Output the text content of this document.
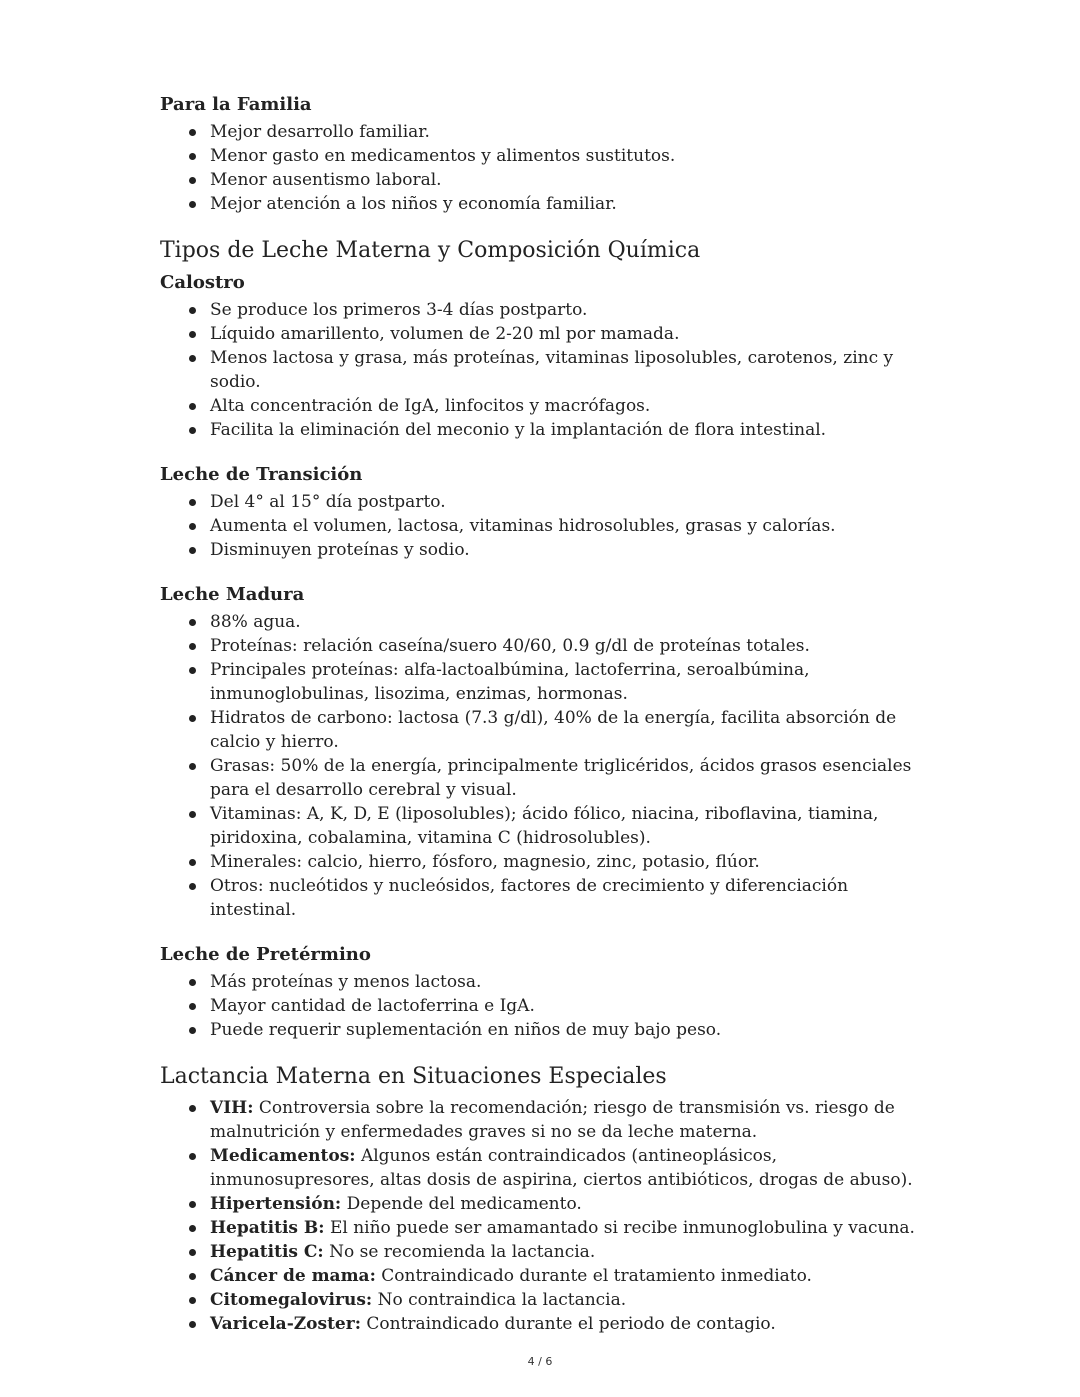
Para la Familia
Mejor desarrollo familiar.
Menor gasto en medicamentos y alimentos sustitutos.
Menor ausentismo laboral.
Mejor atención a los niños y economía familiar.
Tipos de Leche Materna y Composición Química
Calostro
Se produce los primeros 3-4 días postparto.
Líquido amarillento, volumen de 2-20 ml por mamada.
Menos lactosa y grasa, más proteínas, vitaminas liposolubles, carotenos, zinc y sodio.
Alta concentración de IgA, linfocitos y macrófagos.
Facilita la eliminación del meconio y la implantación de flora intestinal.
Leche de Transición
Del 4° al 15° día postparto.
Aumenta el volumen, lactosa, vitaminas hidrosolubles, grasas y calorías.
Disminuyen proteínas y sodio.
Leche Madura
88% agua.
Proteínas: relación caseína/suero 40/60, 0.9 g/dl de proteínas totales.
Principales proteínas: alfa-lactoalbúmina, lactoferrina, seroalbúmina, inmunoglobulinas, lisozima, enzimas, hormonas.
Hidratos de carbono: lactosa (7.3 g/dl), 40% de la energía, facilita absorción de calcio y hierro.
Grasas: 50% de la energía, principalmente triglicéridos, ácidos grasos esenciales para el desarrollo cerebral y visual.
Vitaminas: A, K, D, E (liposolubles); ácido fólico, niacina, riboflavina, tiamina, piridoxina, cobalamina, vitamina C (hidrosolubles).
Minerales: calcio, hierro, fósforo, magnesio, zinc, potasio, flúor.
Otros: nucleótidos y nucleósidos, factores de crecimiento y diferenciación intestinal.
Leche de Pretérmino
Más proteínas y menos lactosa.
Mayor cantidad de lactoferrina e IgA.
Puede requerir suplementación en niños de muy bajo peso.
Lactancia Materna en Situaciones Especiales
VIH: Controversia sobre la recomendación; riesgo de transmisión vs. riesgo de malnutrición y enfermedades graves si no se da leche materna.
Medicamentos: Algunos están contraindicados (antineoplásicos, inmunosupresores, altas dosis de aspirina, ciertos antibióticos, drogas de abuso).
Hipertensión: Depende del medicamento.
Hepatitis B: El niño puede ser amamantado si recibe inmunoglobulina y vacuna.
Hepatitis C: No se recomienda la lactancia.
Cáncer de mama: Contraindicado durante el tratamiento inmediato.
Citomegalovirus: No contraindica la lactancia.
Varicela-Zoster: Contraindicado durante el periodo de contagio.
4 / 6
